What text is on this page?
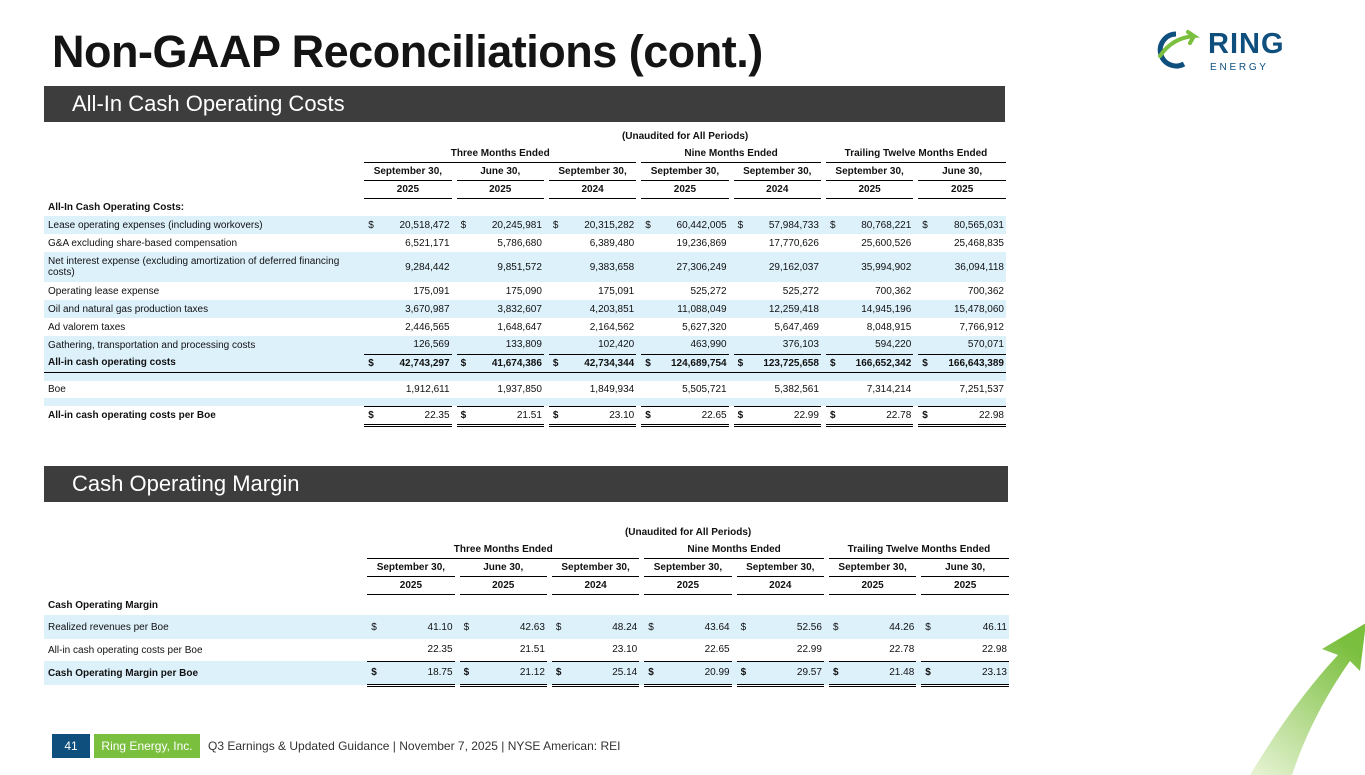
Non-GAAP Reconciliations (cont.)	RING
E N E R G Y
All-In Cash Operating Costs
		(Unaudited for All Periods)																			
		Three Months Ended									Nine Months Ended						Trailing Twelve Months Ended				
		September 30,			June 30,			September 30,			September 30,			September 30,			September 30,			June 30,	
		2025			2025			2024			2025			2024			2025			2025	
All-In Cash Operating Costs:																					
Lease operating expenses (including workovers)		$	20,518,472		$	20,245,981		$	20,315,282		$	60,442,005		$	57,984,733		$	80,768,221		$	80,565,031
G&A excluding share-based compensation			6,521,171			5,786,680			6,389,480			19,236,869			17,770,626			25,600,526			25,468,835
Net interest expense (excluding amortization of deferred financing costs)			9,284,442			9,851,572			9,383,658			27,306,249			29,162,037			35,994,902			36,094,118
Operating lease expense			175,091			175,090			175,091			525,272			525,272			700,362			700,362
Oil and natural gas production taxes			3,670,987			3,832,607			4,203,851			11,088,049			12,259,418			14,945,196			15,478,060
Ad valorem taxes			2,446,565			1,648,647			2,164,562			5,627,320			5,647,469			8,048,915			7,766,912
Gathering, transportation and processing costs			126,569			133,809			102,420			463,990			376,103			594,220			570,071
All-in cash operating costs		$	42,743,297		$	41,674,386		$	42,734,344		$	124,689,754		$	123,725,658		$	166,652,342		$	166,643,389

Boe			1,912,611			1,937,850			1,849,934			5,505,721			5,382,561			7,314,214			7,251,537

All-in cash operating costs per Boe		$	22.35		$	21.51		$	23.10		$	22.65		$	22.99		$	22.78		$	22.98
Cash Operating Margin
		(Unaudited for All Periods)																			
		Three Months Ended									Nine Months Ended						Trailing Twelve Months Ended				
		September 30,			June 30,			September 30,			September 30,			September 30,			September 30,			June 30,	
		2025			2025			2024			2025			2024			2025			2025	
Cash Operating Margin																					
Realized revenues per Boe		$	41.10		$	42.63		$	48.24		$	43.64		$	52.56		$	44.26		$	46.11
All-in cash operating costs per Boe			22.35			21.51			23.10			22.65			22.99			22.78			22.98
Cash Operating Margin per Boe		$	18.75		$	21.12		$	25.14		$	20.99		$	29.57		$	21.48		$	23.13
41	Ring Energy, Inc.	Q3 Earnings & Updated Guidance | November 7, 2025 | NYSE American: REI
